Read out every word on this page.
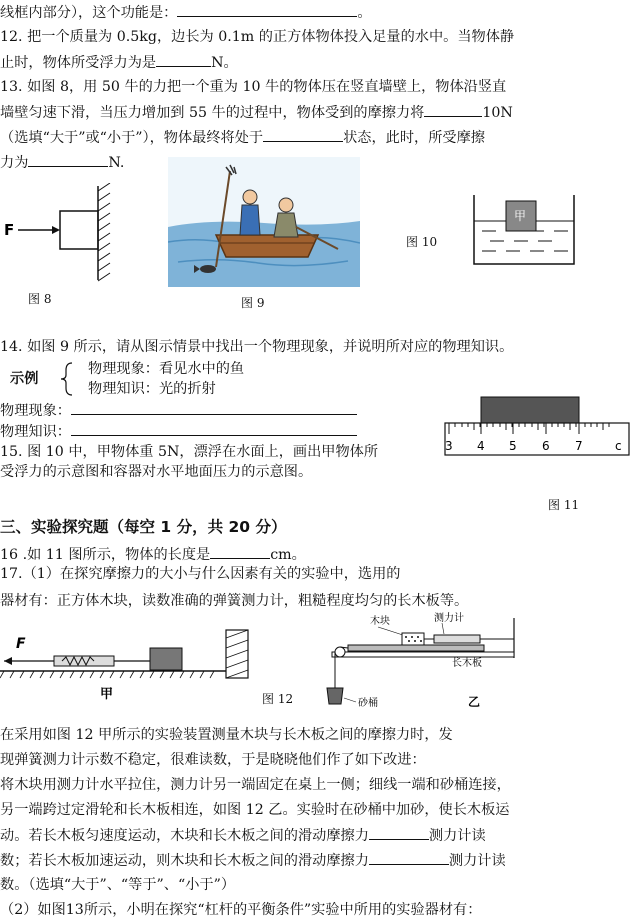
线框内部分），这个功能是：	。
12. 把一个质量为 0.5kg，边长为 0.1m 的正方体物体投入足量的水中。当物体静
止时，物体所受浮力为是	N。
13. 如图 8，用 50 牛的力把一个重为 10 牛的物体压在竖直墙壁上，物体沿竖直
墙壁匀速下滑，当压力增加到 55 牛的过程中，物体受到的摩擦力将	10N
（选填“大于”或“小于”），物体最终将处于	状态，此时，所受摩擦
力为	N.
F
图 8	图 9
甲
图 10
14. 如图 9 所示，请从图示情景中找出一个物理现象，并说明所对应的物理知识。
示例
物理现象：看见水中的鱼
物理知识：光的折射
物理现象：
物理知识：
15. 图 10 中，甲物体重 5N，漂浮在水面上，画出甲物体所
受浮力的示意图和容器对水平地面压力的示意图。
3 4 5 6 7	c
图 11
三、实验探究题（每空 1 分，共 20 分）
16 .如 11 图所示，物体的长度是	cm。
17.（1）在探究摩擦力的大小与什么因素有关的实验中，选用的
器材有：正方体木块，读数准确的弹簧测力计，粗糙程度均匀的长木板等。
F
甲	图 12
木块	测力计
长木板
砂桶	乙
在采用如图 12 甲所示的实验装置测量木块与长木板之间的摩擦力时，发
现弹簧测力计示数不稳定，很难读数，于是晓晓他们作了如下改进：
将木块用测力计水平拉住，测力计另一端固定在桌上一侧；细线一端和砂桶连接，
另一端跨过定滑轮和长木板相连，如图 12 乙。实验时在砂桶中加砂，使长木板运
动。若长木板匀速度运动，木块和长木板之间的滑动摩擦力	测力计读
数；若长木板加速运动，则木块和长木板之间的滑动摩擦力	测力计读
数。（选填“大于”、“等于”、“小于”）
（2）如图13所示，小明在探究“杠杆的平衡条件”实验中所用的实验器材有：
